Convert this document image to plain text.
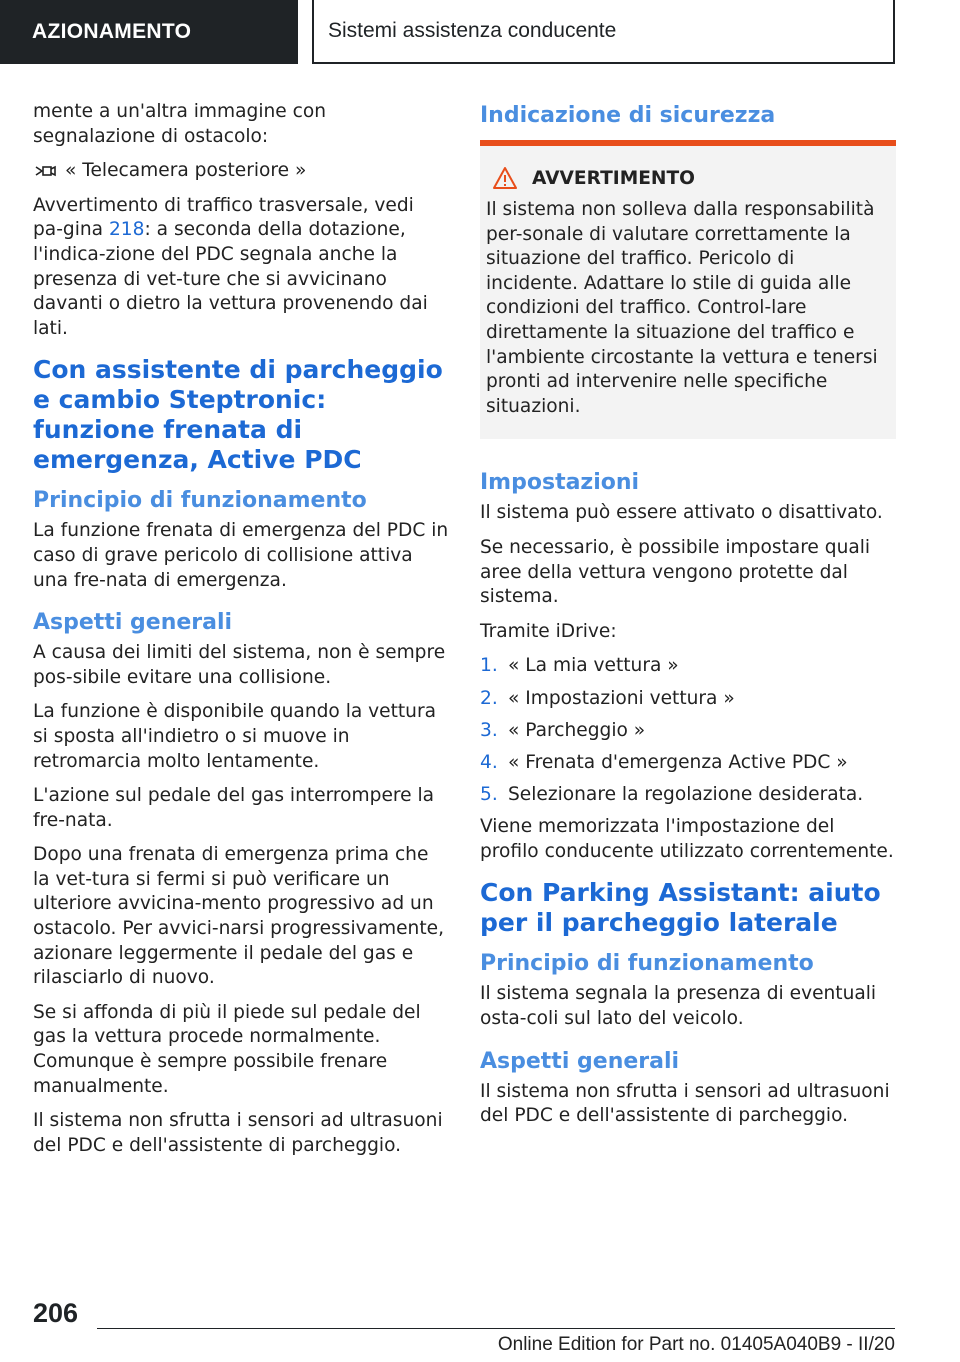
AZIONAMENTO	Sistemi assistenza conducente

mente a un'altra immagine con segnalazione di ostacolo:

« Telecamera posteriore »

Avvertimento di traffico trasversale, vedi pa-gina 218: a seconda della dotazione, l'indica-zione del PDC segnala anche la presenza di vet-ture che si avvicinano davanti o dietro la vettura provenendo dai lati.

Con assistente di parcheggio e cambio Steptronic: funzione frenata di emergenza, Active PDC
Principio di funzionamento

La funzione frenata di emergenza del PDC in caso di grave pericolo di collisione attiva una fre-nata di emergenza.

Aspetti generali

A causa dei limiti del sistema, non è sempre pos-sibile evitare una collisione.

La funzione è disponibile quando la vettura si sposta all'indietro o si muove in retromarcia molto lentamente.

L'azione sul pedale del gas interrompere la fre-nata.

Dopo una frenata di emergenza prima che la vet-tura si fermi si può verificare un ulteriore avvicina-mento progressivo ad un ostacolo. Per avvici-narsi progressivamente, azionare leggermente il pedale del gas e rilasciarlo di nuovo.

Se si affonda di più il piede sul pedale del gas la vettura procede normalmente. Comunque è sempre possibile frenare manualmente.

Il sistema non sfrutta i sensori ad ultrasuoni del PDC e dell'assistente di parcheggio.

Indicazione di sicurezza
AVVERTIMENTO

Il sistema non solleva dalla responsabilità per-sonale di valutare correttamente la situazione del traffico. Pericolo di incidente. Adattare lo stile di guida alle condizioni del traffico. Control-lare direttamente la situazione del traffico e l'ambiente circostante la vettura e tenersi pronti ad intervenire nelle specifiche situazioni.

Impostazioni

Il sistema può essere attivato o disattivato.

Se necessario, è possibile impostare quali aree della vettura vengono protette dal sistema.

Tramite iDrive:

1. « La mia vettura »
2. « Impostazioni vettura »
3. « Parcheggio »
4. « Frenata d'emergenza Active PDC »
5. Selezionare la regolazione desiderata.

Viene memorizzata l'impostazione del profilo conducente utilizzato correntemente.

Con Parking Assistant: aiuto per il parcheggio laterale
Principio di funzionamento

Il sistema segnala la presenza di eventuali osta-coli sul lato del veicolo.

Aspetti generali

Il sistema non sfrutta i sensori ad ultrasuoni del PDC e dell'assistente di parcheggio.

206
Online Edition for Part no. 01405A040B9 - II/20
